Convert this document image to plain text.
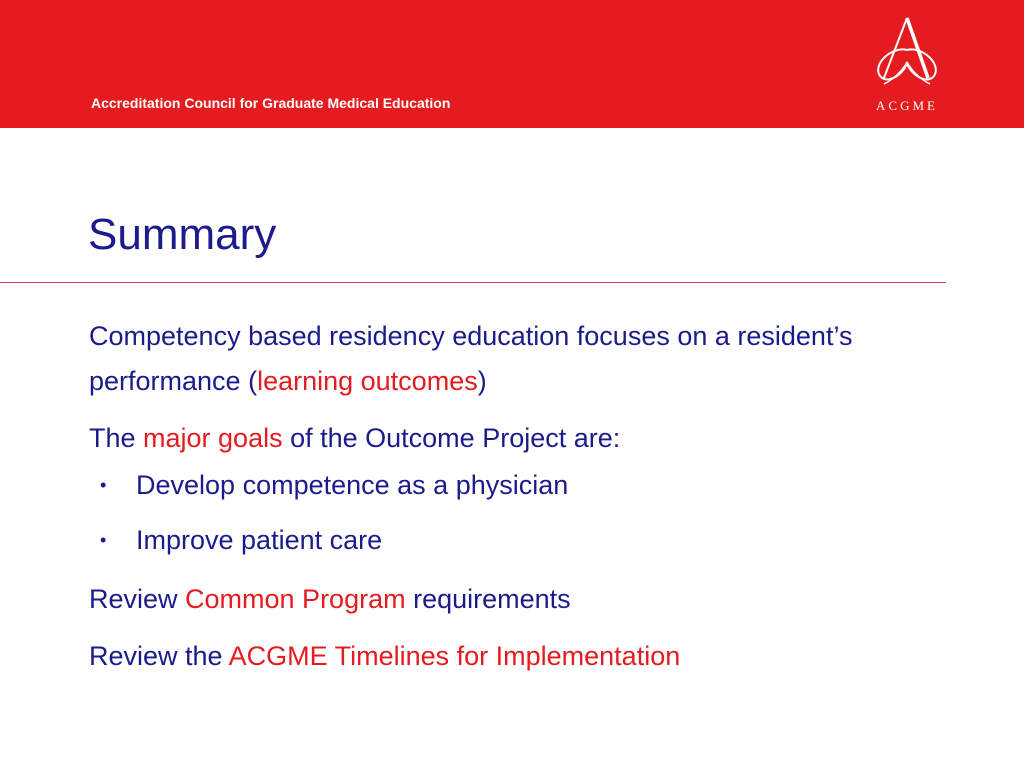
Accreditation Council for Graduate Medical Education	ACGME
Summary

Competency based residency education focuses on a resident’s performance (learning outcomes)

The major goals of the Outcome Project are:

• Develop competence as a physician
• Improve patient care

Review Common Program requirements

Review the ACGME Timelines for Implementation
